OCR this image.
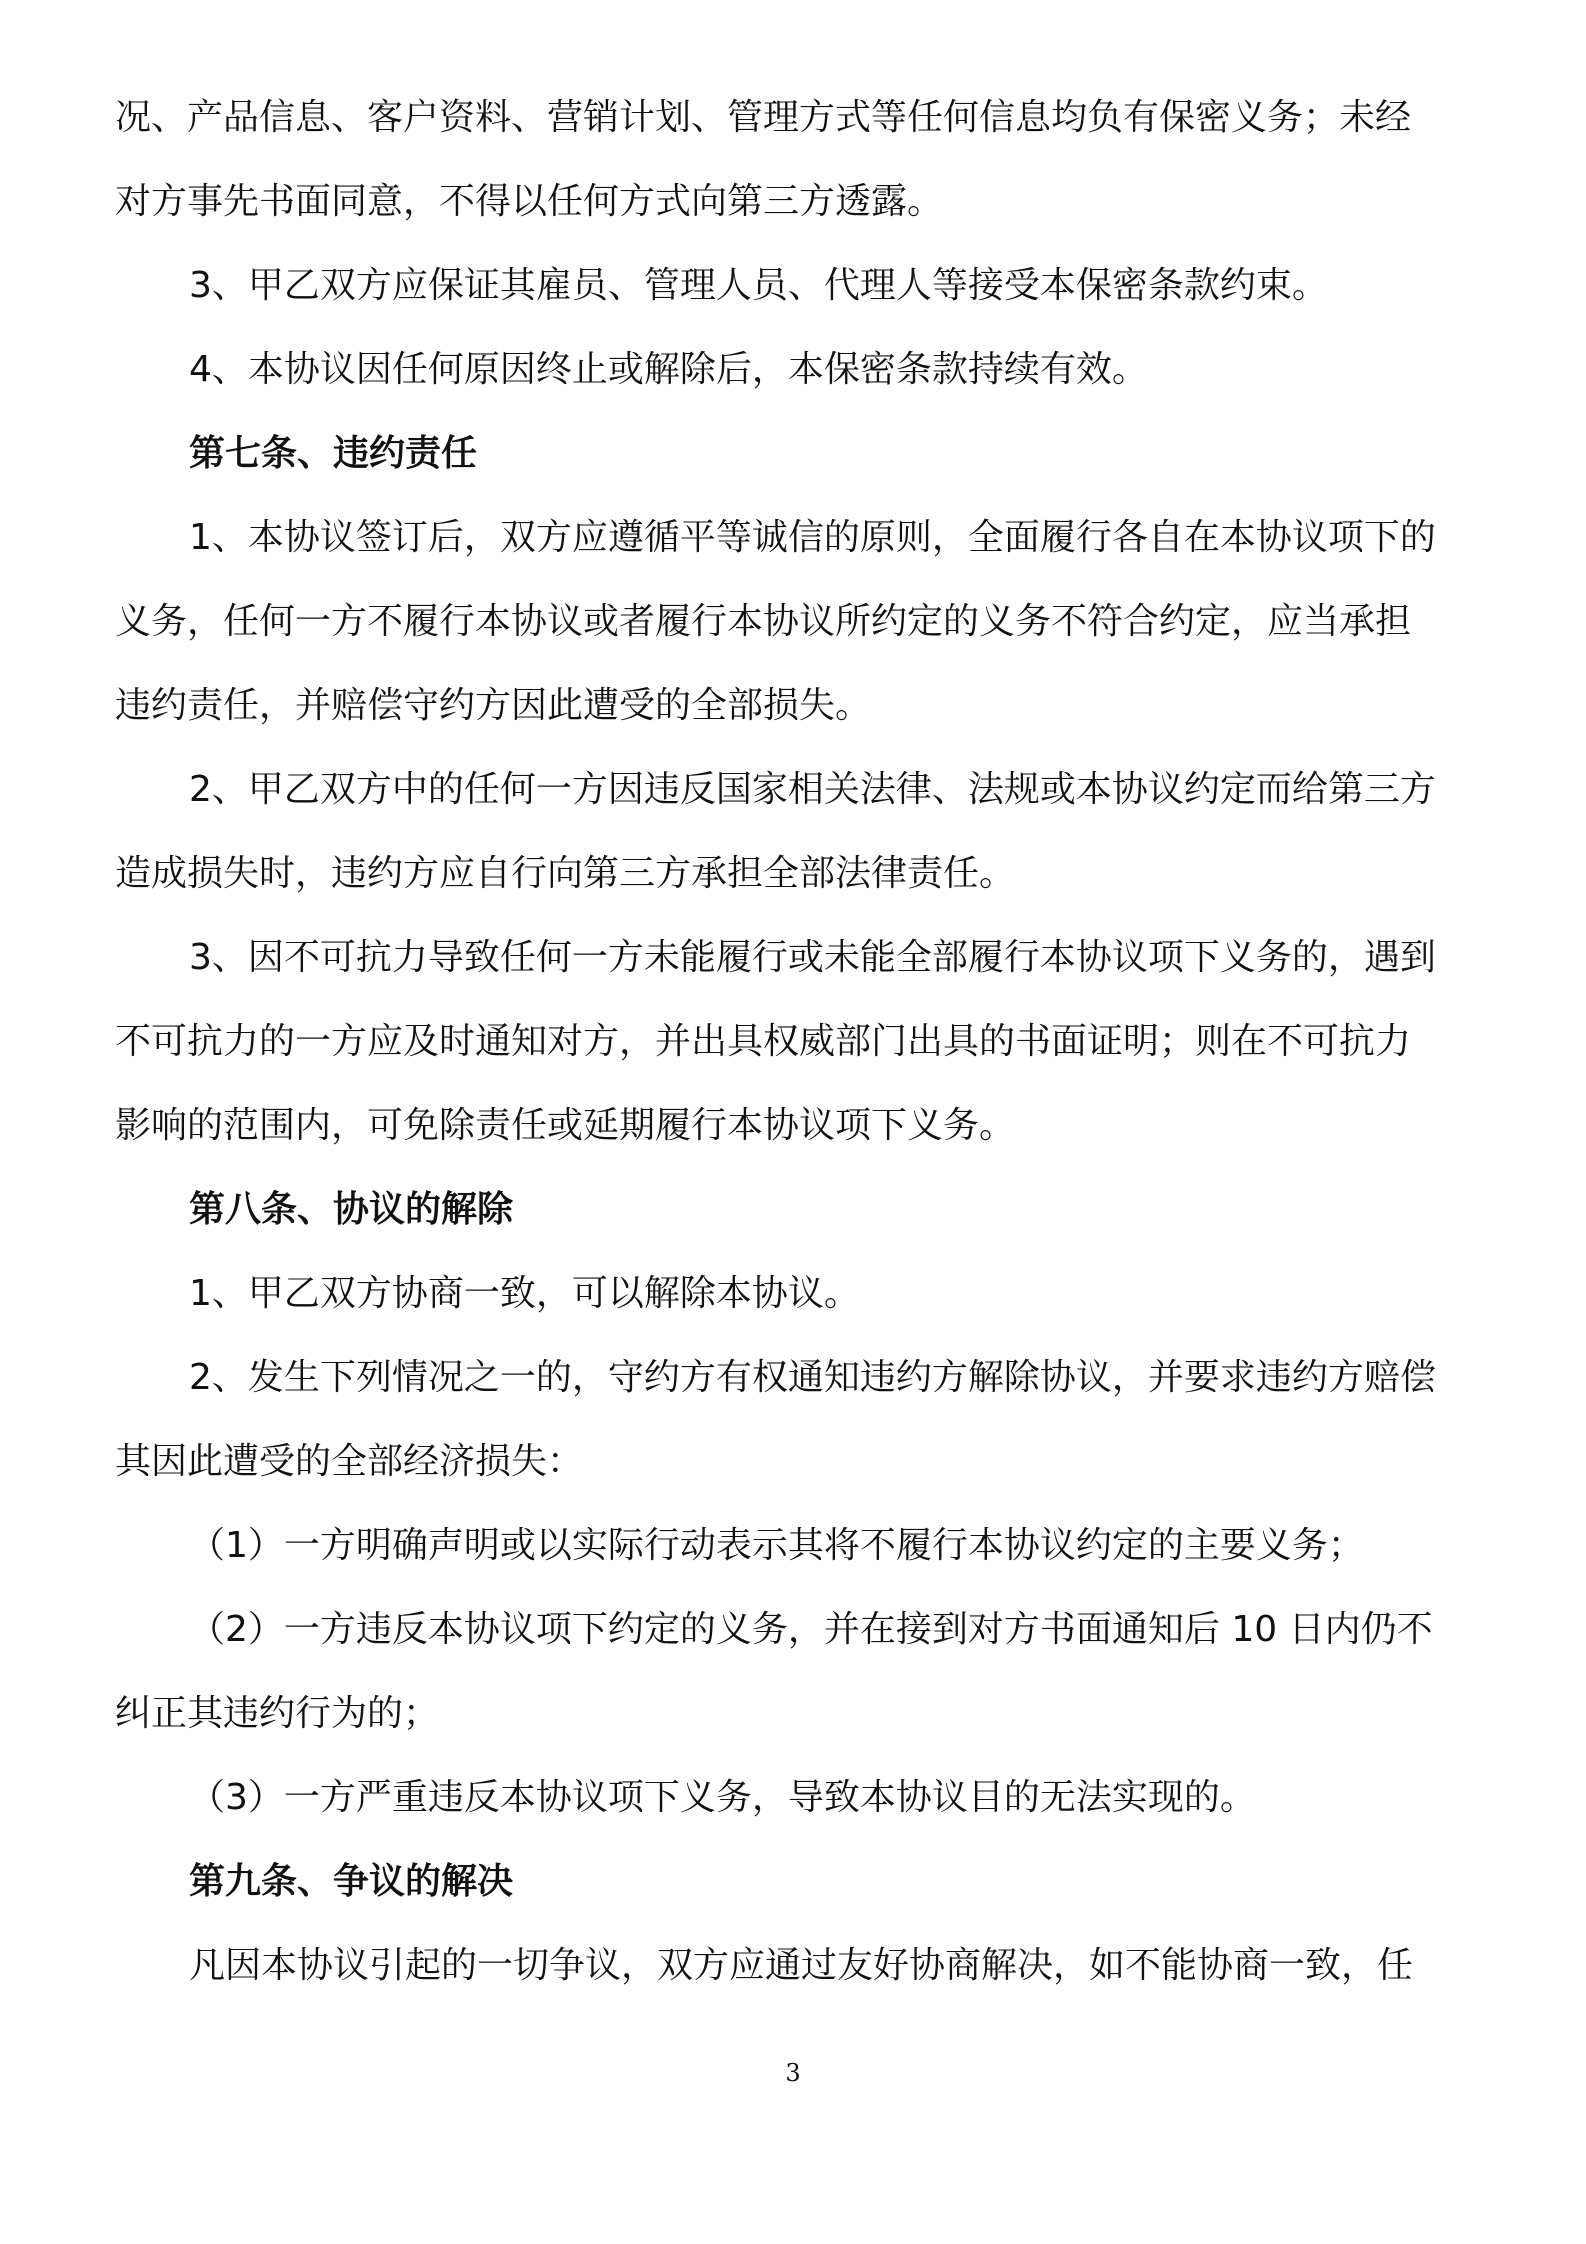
况、产品信息、客户资料、营销计划、管理方式等任何信息均负有保密义务；未经

对方事先书面同意，不得以任何方式向第三方透露。

3、甲乙双方应保证其雇员、管理人员、代理人等接受本保密条款约束。

4、本协议因任何原因终止或解除后，本保密条款持续有效。

第七条、违约责任

1、本协议签订后，双方应遵循平等诚信的原则，全面履行各自在本协议项下的

义务，任何一方不履行本协议或者履行本协议所约定的义务不符合约定，应当承担

违约责任，并赔偿守约方因此遭受的全部损失。

2、甲乙双方中的任何一方因违反国家相关法律、法规或本协议约定而给第三方

造成损失时，违约方应自行向第三方承担全部法律责任。

3、因不可抗力导致任何一方未能履行或未能全部履行本协议项下义务的，遇到

不可抗力的一方应及时通知对方，并出具权威部门出具的书面证明；则在不可抗力

影响的范围内，可免除责任或延期履行本协议项下义务。

第八条、协议的解除

1、甲乙双方协商一致，可以解除本协议。

2、发生下列情况之一的，守约方有权通知违约方解除协议，并要求违约方赔偿

其因此遭受的全部经济损失：

（1）一方明确声明或以实际行动表示其将不履行本协议约定的主要义务；

（2）一方违反本协议项下约定的义务，并在接到对方书面通知后 10 日内仍不

纠正其违约行为的；

（3）一方严重违反本协议项下义务，导致本协议目的无法实现的。

第九条、争议的解决

凡因本协议引起的一切争议，双方应通过友好协商解决，如不能协商一致，任

3
